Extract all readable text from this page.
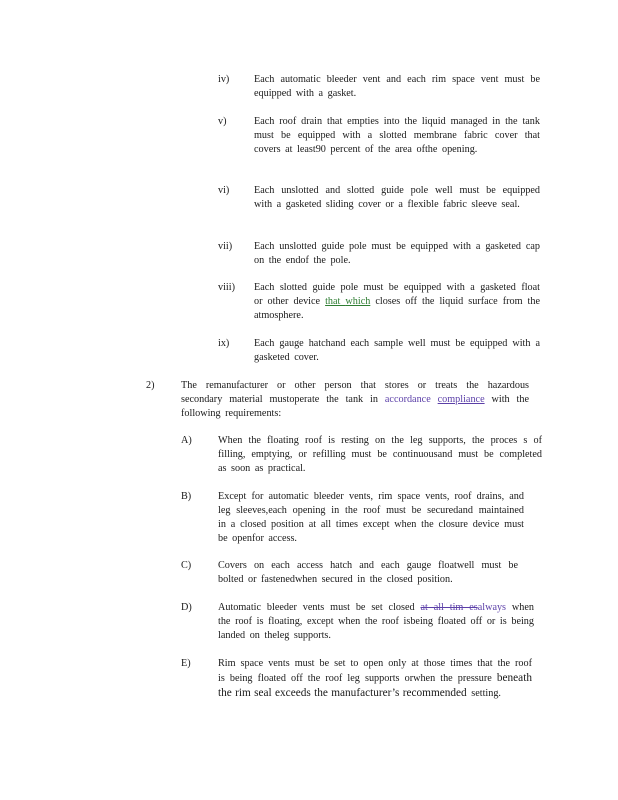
iv) Each automatic bleeder vent and each rim space vent must be equipped with a gasket.
v)	Each roof drain that empties into the liquid managed in the tank must be equipped with a slotted membrane fabric cover that covers at least90 percent of the area ofthe opening.
vi) Each unslotted and slotted guide pole well must be equipped with a gasketed sliding cover or a flexible fabric sleeve seal.
vii) Each unslotted guide pole must be equipped with a gasketed cap on the endof the pole.
viii) Each slotted guide pole must be equipped with a gasketed float or other device that which closes off the liquid surface from the atmosphere.
ix) Each gauge hatchand each sample well must be equipped with a gasketed cover.
2)	The remanufacturer or other person that stores or treats the hazardous secondary material mustoperate the tank in accordance compliance with the following requirements:
A)	When the floating roof is resting on the leg supports, the proces s of filling, emptying, or refilling must be continuousand must be completed as soon as practical.
B)	Except for automatic bleeder vents, rim space vents, roof drains, and leg sleeves,each opening in the roof must be securedand maintained in a closed position at all times except when the closure device must be openfor access.
C)	Covers on each access hatch and each gauge floatwell must be bolted or fastenedwhen secured in the closed position.
D)	Automatic bleeder vents must be set closed at all tim esalways when the roof is floating, except when the roof isbeing floated off or is being landed on theleg supports.
E)	Rim space vents must be set to open only at those times that the roof is being floated off the roof leg supports orwhen the pressure beneath the rim seal exceeds the manufacturer’s recommended setting.
